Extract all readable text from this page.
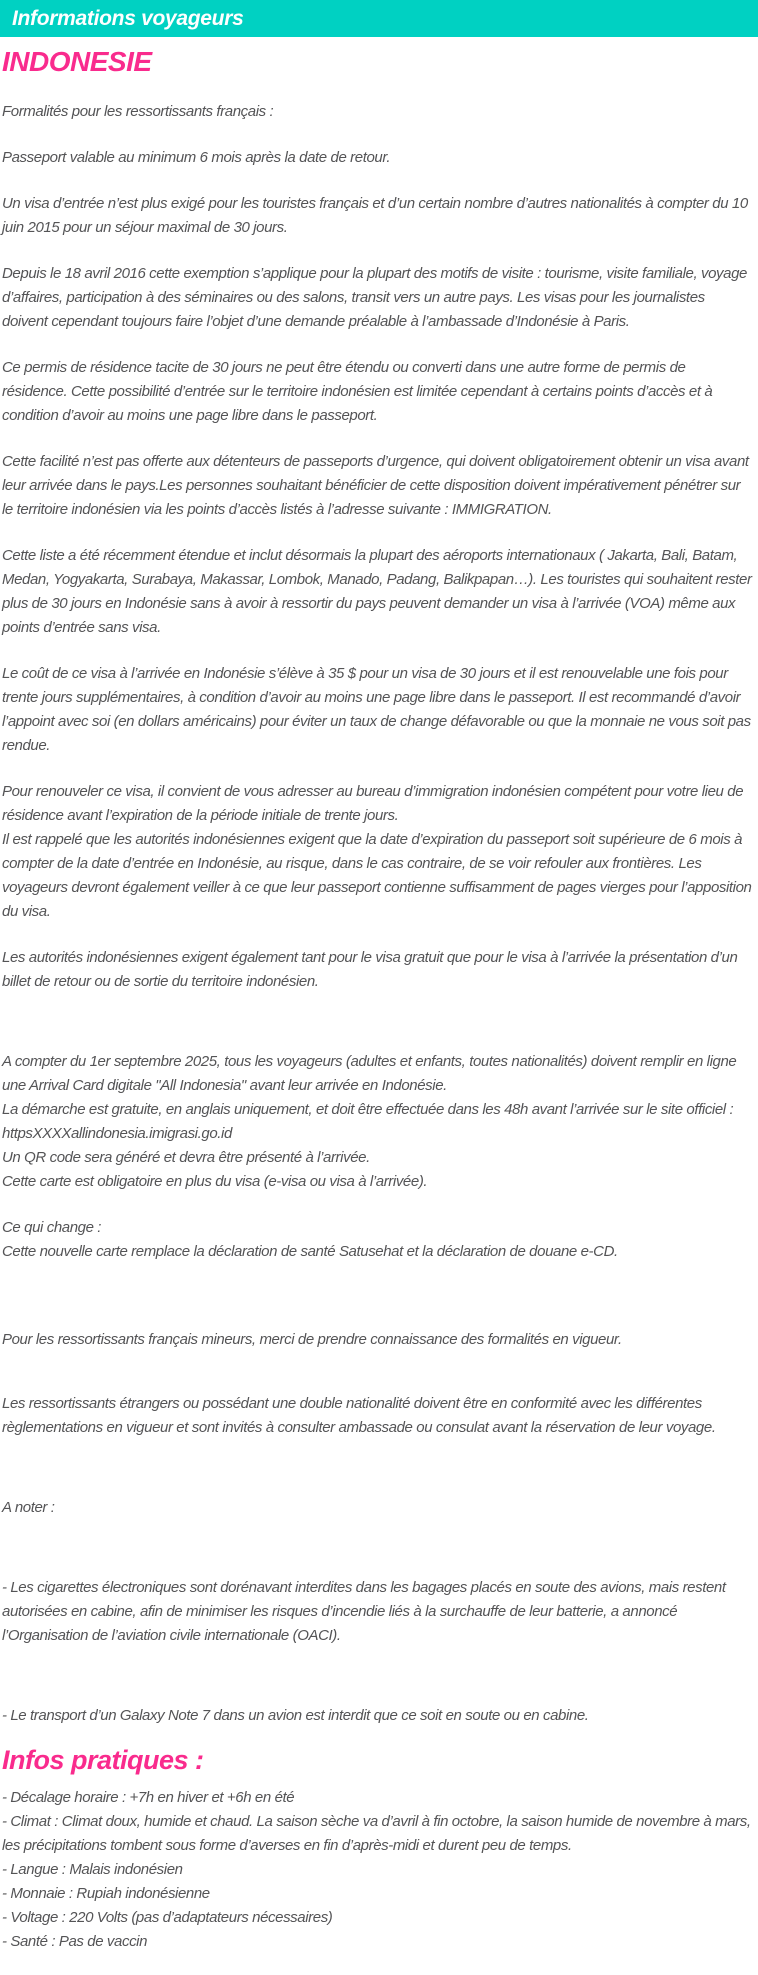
Informations voyageurs
INDONESIE
Formalités pour les ressortissants français :
Passeport valable au minimum 6 mois après la date de retour.
Un visa d’entrée n’est plus exigé pour les touristes français et d’un certain nombre d’autres nationalités à compter du 10 juin 2015 pour un séjour maximal de 30 jours.
Depuis le 18 avril 2016 cette exemption s’applique pour la plupart des motifs de visite : tourisme, visite familiale, voyage d’affaires, participation à des séminaires ou des salons, transit vers un autre pays. Les visas pour les journalistes doivent cependant toujours faire l’objet d’une demande préalable à l’ambassade d’Indonésie à Paris.
Ce permis de résidence tacite de 30 jours ne peut être étendu ou converti dans une autre forme de permis de résidence. Cette possibilité d’entrée sur le territoire indonésien est limitée cependant à certains points d’accès et à condition d’avoir au moins une page libre dans le passeport.
Cette facilité n’est pas offerte aux détenteurs de passeports d’urgence, qui doivent obligatoirement obtenir un visa avant leur arrivée dans le pays.Les personnes souhaitant bénéficier de cette disposition doivent impérativement pénétrer sur le territoire indonésien via les points d’accès listés à l’adresse suivante : IMMIGRATION.
Cette liste a été récemment étendue et inclut désormais la plupart des aéroports internationaux ( Jakarta, Bali, Batam, Medan, Yogyakarta, Surabaya, Makassar, Lombok, Manado, Padang, Balikpapan…). Les touristes qui souhaitent rester plus de 30 jours en Indonésie sans à avoir à ressortir du pays peuvent demander un visa à l’arrivée (VOA) même aux points d’entrée sans visa.
Le coût de ce visa à l’arrivée en Indonésie s’élève à 35 $ pour un visa de 30 jours et il est renouvelable une fois pour trente jours supplémentaires, à condition d’avoir au moins une page libre dans le passeport. Il est recommandé d’avoir l’appoint avec soi (en dollars américains) pour éviter un taux de change défavorable ou que la monnaie ne vous soit pas rendue.
Pour renouveler ce visa, il convient de vous adresser au bureau d’immigration indonésien compétent pour votre lieu de résidence avant l’expiration de la période initiale de trente jours.
Il est rappelé que les autorités indonésiennes exigent que la date d’expiration du passeport soit supérieure de 6 mois à compter de la date d’entrée en Indonésie, au risque, dans le cas contraire, de se voir refouler aux frontières. Les voyageurs devront également veiller à ce que leur passeport contienne suffisamment de pages vierges pour l’apposition du visa.
Les autorités indonésiennes exigent également tant pour le visa gratuit que pour le visa à l’arrivée la présentation d’un billet de retour ou de sortie du territoire indonésien.
A compter du 1er septembre 2025, tous les voyageurs (adultes et enfants, toutes nationalités) doivent remplir en ligne une Arrival Card digitale "All Indonesia" avant leur arrivée en Indonésie.
La démarche est gratuite, en anglais uniquement, et doit être effectuée dans les 48h avant l’arrivée sur le site officiel : httpsXXXXallindonesia.imigrasi.go.id
Un QR code sera généré et devra être présenté à l’arrivée.
Cette carte est obligatoire en plus du visa (e-visa ou visa à l’arrivée).
Ce qui change :
Cette nouvelle carte remplace la déclaration de santé Satusehat et la déclaration de douane e-CD.
Pour les ressortissants français mineurs, merci de prendre connaissance des formalités en vigueur.
Les ressortissants étrangers ou possédant une double nationalité doivent être en conformité avec les différentes règlementations en vigueur et sont invités à consulter ambassade ou consulat avant la réservation de leur voyage.
A noter :
- Les cigarettes électroniques sont dorénavant interdites dans les bagages placés en soute des avions, mais restent autorisées en cabine, afin de minimiser les risques d’incendie liés à la surchauffe de leur batterie, a annoncé l’Organisation de l’aviation civile internationale (OACI).
- Le transport d’un Galaxy Note 7 dans un avion est interdit que ce soit en soute ou en cabine.
Infos pratiques :
- Décalage horaire : +7h en hiver et +6h en été
- Climat : Climat doux, humide et chaud. La saison sèche va d’avril à fin octobre, la saison humide de novembre à mars, les précipitations tombent sous forme d’averses en fin d’après-midi et durent peu de temps.
- Langue : Malais indonésien
- Monnaie : Rupiah indonésienne
- Voltage : 220 Volts (pas d’adaptateurs nécessaires)
- Santé : Pas de vaccin
